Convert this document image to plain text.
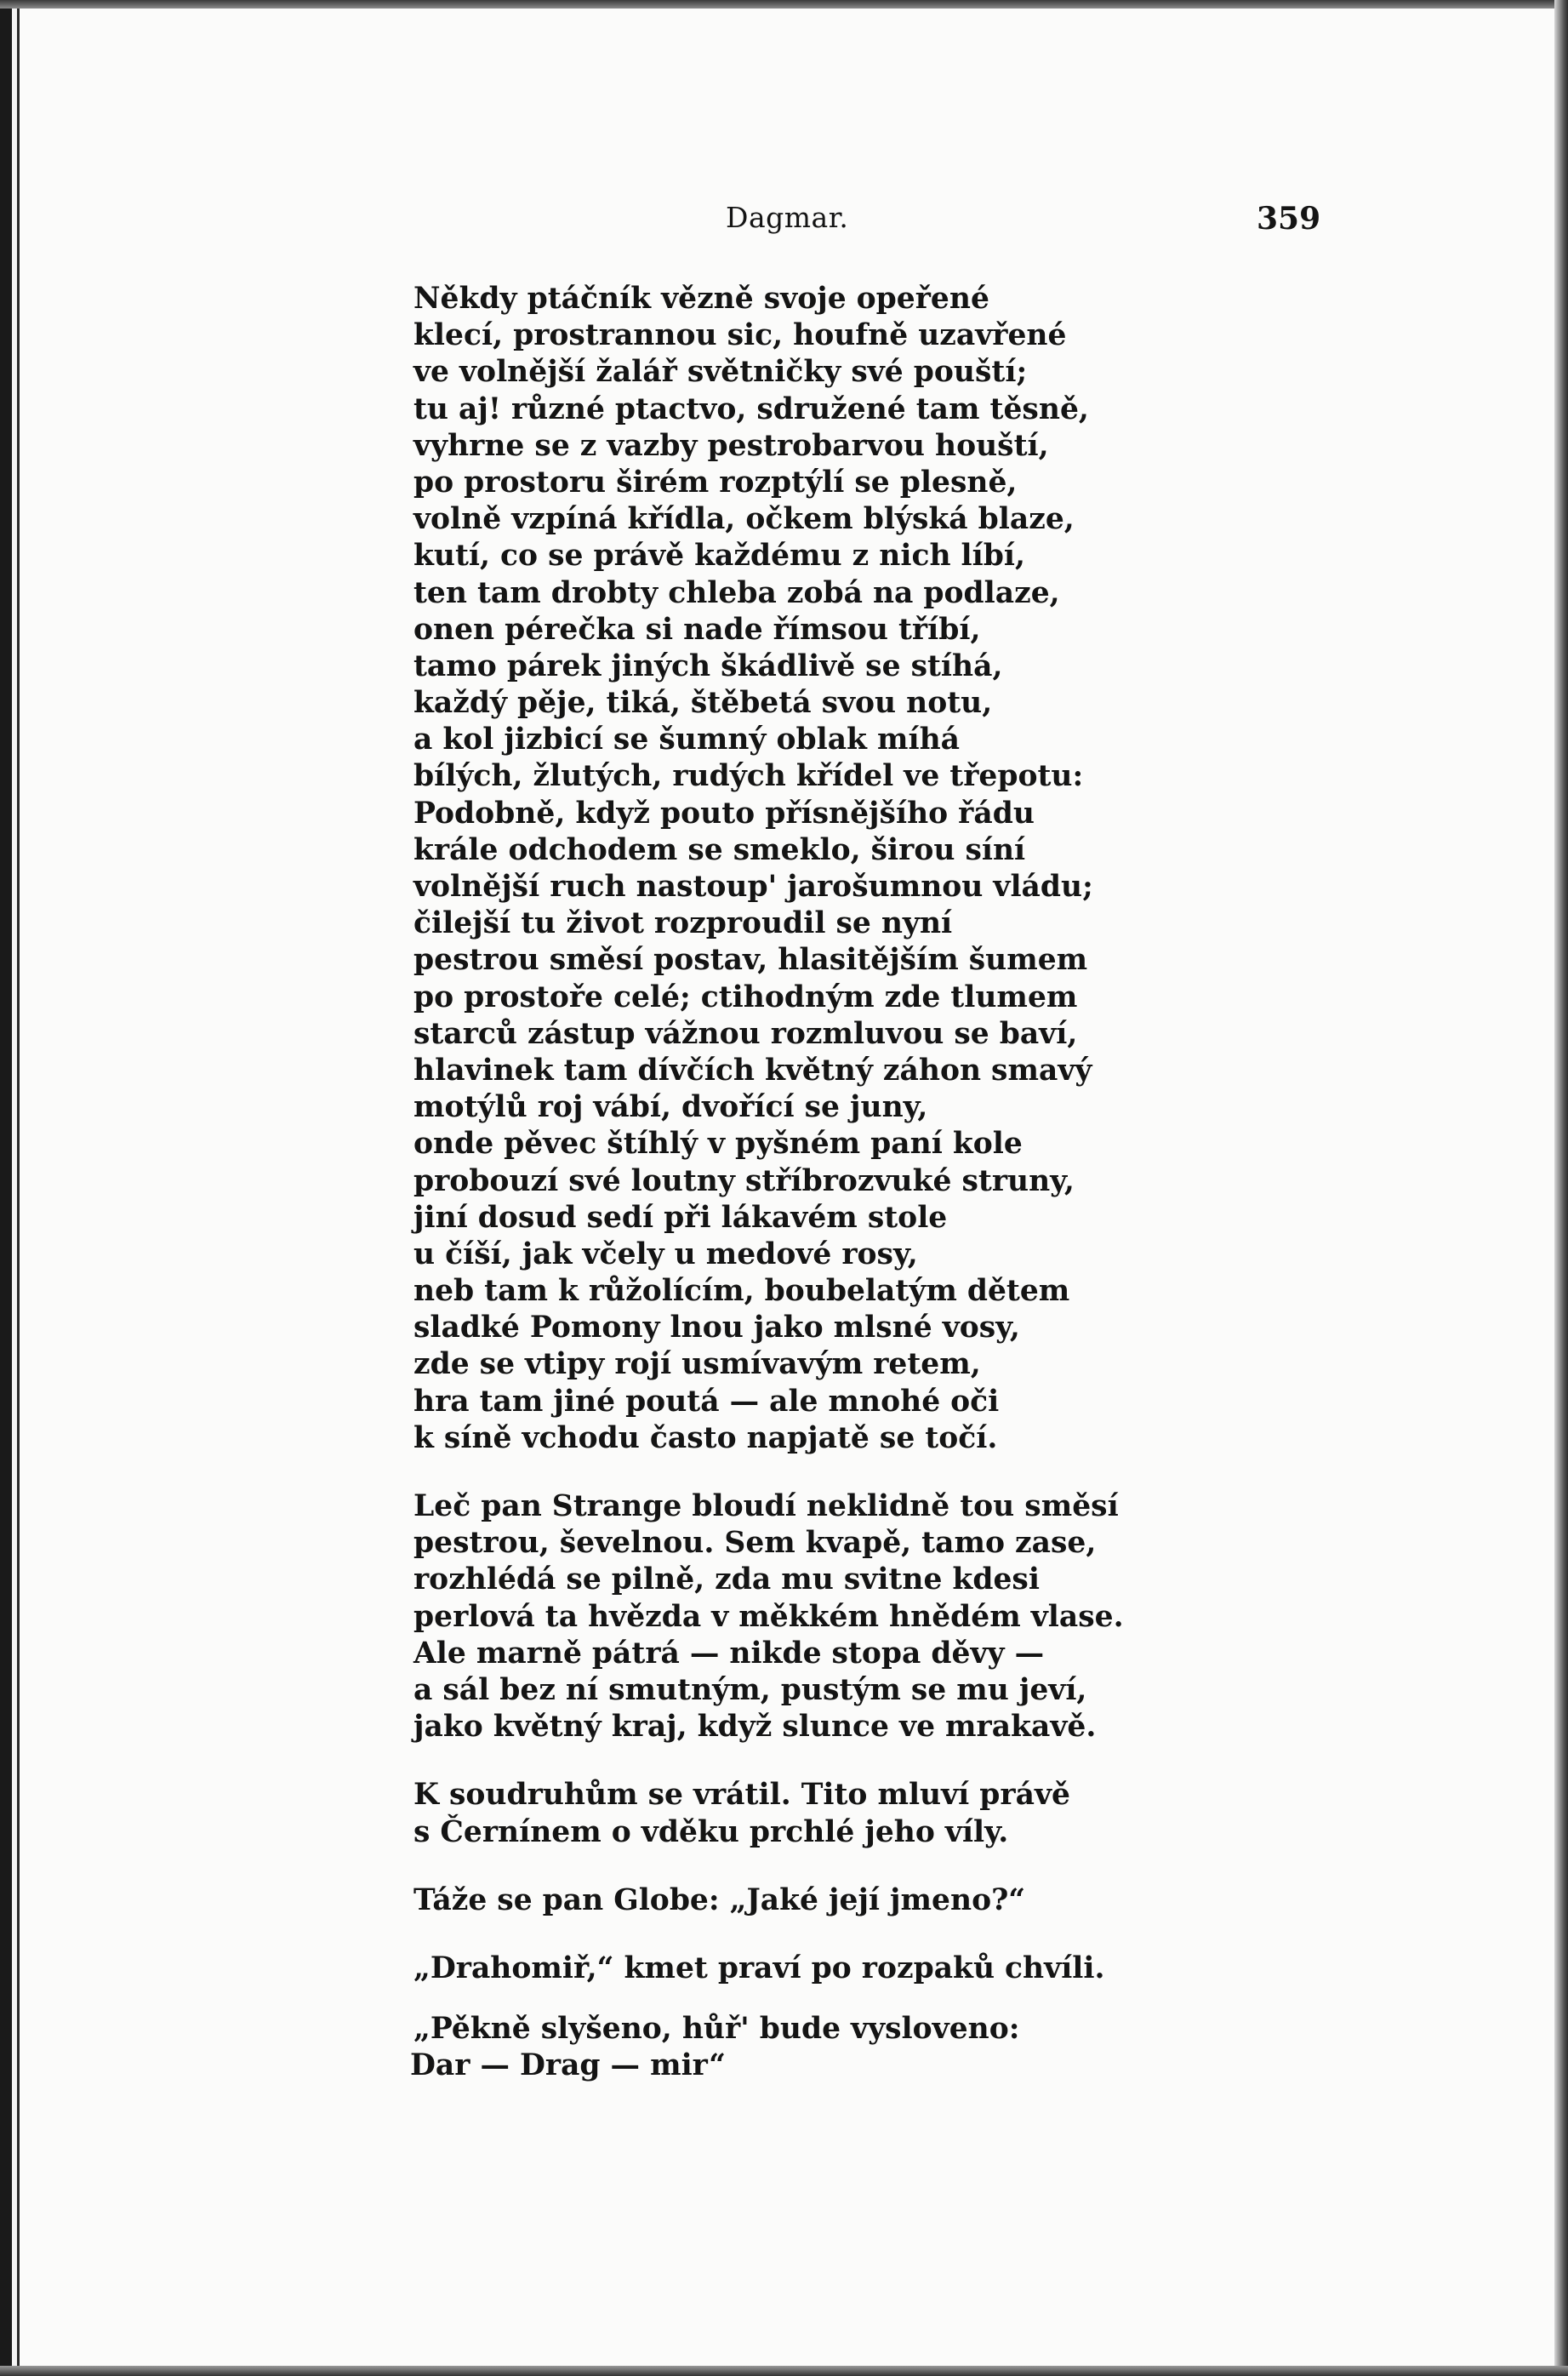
Dagmar.	359
Někdy ptáčník vězně svoje opeřené
klecí, prostrannou sic, houfně uzavřené
ve volnější žalář světničky své pouští;
tu aj! různé ptactvo, sdružené tam těsně,
vyhrne se z vazby pestrobarvou houští,
po prostoru širém rozptýlí se plesně,
volně vzpíná křídla, očkem blýská blaze,
kutí, co se právě každému z nich líbí,
ten tam drobty chleba zobá na podlaze,
onen pérečka si nade římsou tříbí,
tamo párek jiných škádlivě se stíhá,
každý pěje, tiká, štěbetá svou notu,
a kol jizbicí se šumný oblak míhá
bílých, žlutých, rudých křídel ve třepotu:
Podobně, když pouto přísnějšího řádu
krále odchodem se smeklo, širou síní
volnější ruch nastoup' jarošumnou vládu;
čilejší tu život rozproudil se nyní
pestrou směsí postav, hlasitějším šumem
po prostoře celé; ctihodným zde tlumem
starců zástup vážnou rozmluvou se baví,
hlavinek tam dívčích květný záhon smavý
motýlů roj vábí, dvořící se juny,
onde pěvec štíhlý v pyšném paní kole
probouzí své loutny stříbrozvuké struny,
jiní dosud sedí při lákavém stole
u číší, jak včely u medové rosy,
neb tam k růžolícím, boubelatým dětem
sladké Pomony lnou jako mlsné vosy,
zde se vtipy rojí usmívavým retem,
hra tam jiné poutá — ale mnohé oči
k síně vchodu často napjatě se točí.
Leč pan Strange bloudí neklidně tou směsí
pestrou, ševelnou. Sem kvapě, tamo zase,
rozhlédá se pilně, zda mu svitne kdesi
perlová ta hvězda v měkkém hnědém vlase.
Ale marně pátrá — nikde stopa děvy —
a sál bez ní smutným, pustým se mu jeví,
jako květný kraj, když slunce ve mrakavě.
K soudruhům se vrátil. Tito mluví právě
s Černínem o vděku prchlé jeho víly.
Táže se pan Globe: „Jaké její jmeno?“
„Drahomiř,“ kmet praví po rozpaků chvíli.
„Pěkně slyšeno, hůř' bude vysloveno:
Dar — Drag — mir“
